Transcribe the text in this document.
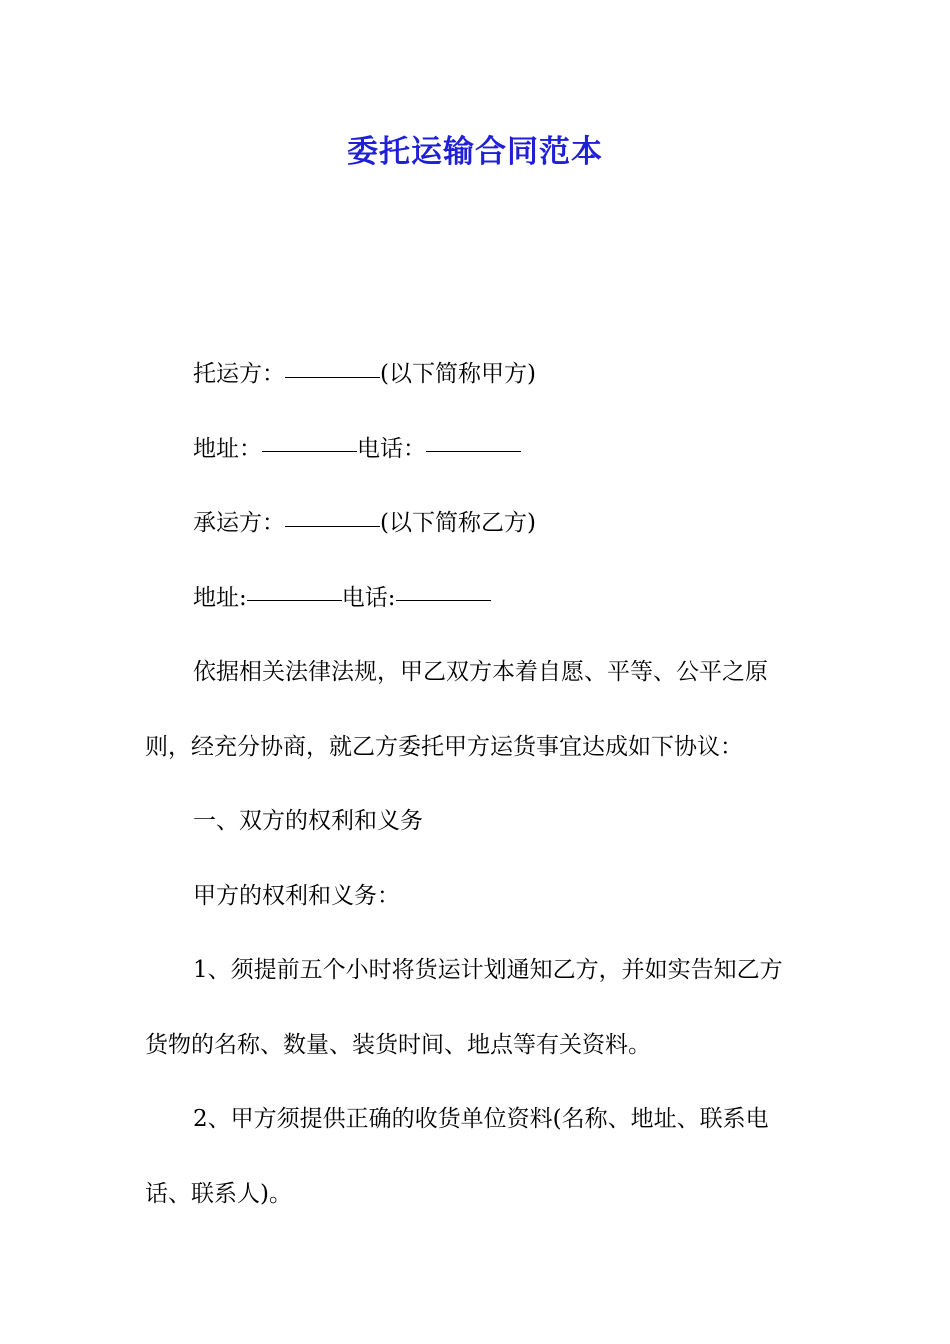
委托运输合同范本

托运方：	(以下简称甲方)

地址：	电话：

承运方：	(以下简称乙方)

地址:	电话:

依据相关法律法规，甲乙双方本着自愿、平等、公平之原

则，经充分协商，就乙方委托甲方运货事宜达成如下协议：

一、双方的权利和义务

甲方的权利和义务：

1、须提前五个小时将货运计划通知乙方，并如实告知乙方

货物的名称、数量、装货时间、地点等有关资料。

2、甲方须提供正确的收货单位资料(名称、地址、联系电

话、联系人)。
